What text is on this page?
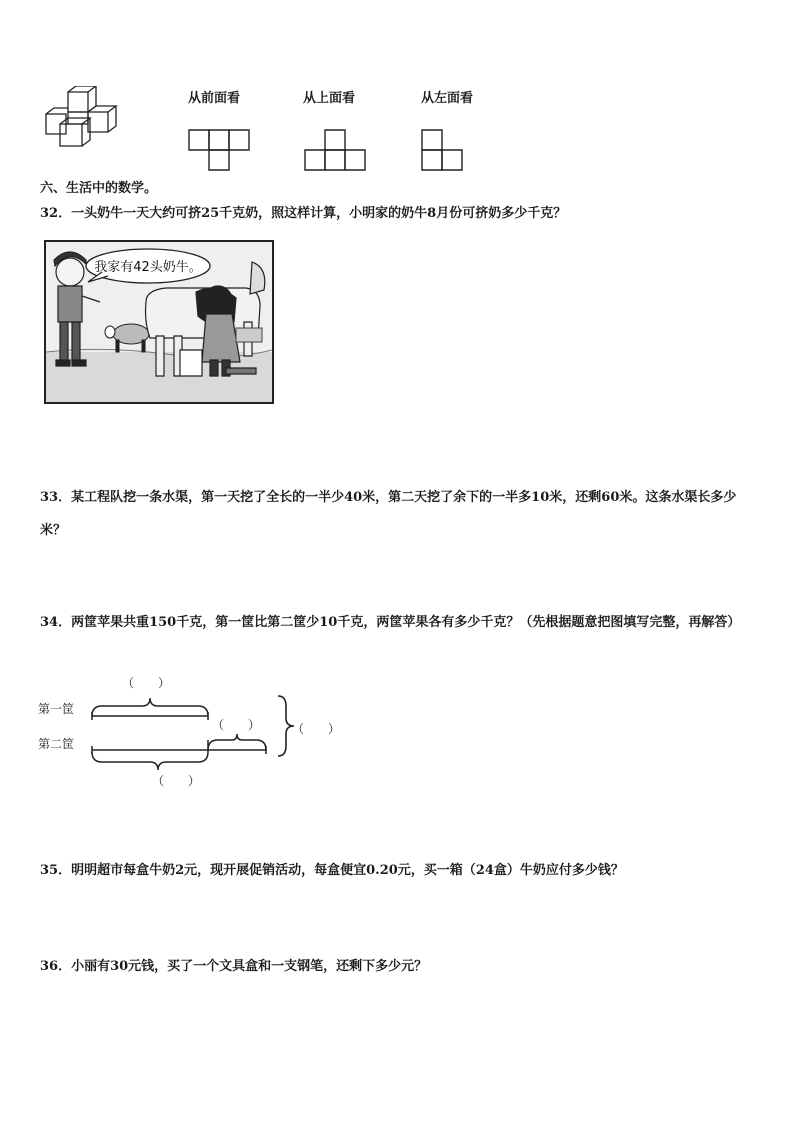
从前面看	从上面看	从左面看
六、生活中的数学。
32．一头奶牛一天大约可挤25千克奶，照这样计算，小明家的奶牛8月份可挤奶多少千克？
我家有42头奶牛。
33．某工程队挖一条水渠，第一天挖了全长的一半少40米，第二天挖了余下的一半多10米，还剩60米。这条水渠长多少米？
34．两筐苹果共重150千克，第一筐比第二筐少10千克，两筐苹果各有多少千克？（先根据题意把图填写完整，再解答）
第一筐
第二筐
（　　）
（　　）	（　　）
（　　）
35．明明超市每盒牛奶2元，现开展促销活动，每盒便宜0.20元，买一箱（24盒）牛奶应付多少钱？
36．小丽有30元钱，买了一个文具盒和一支钢笔，还剩下多少元？
